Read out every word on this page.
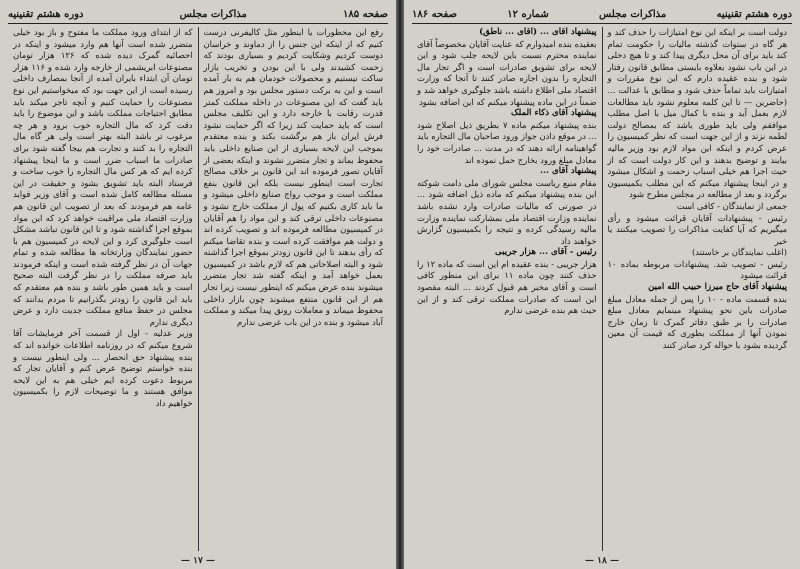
صفحه ۱۸۵
مذاکرات مجلس
دوره هشتم تقنینیه

رفع این محظورات یا اینطور مثل کالیفرنی درست کنیم که از اینکه این جنس را از دماوند و خراسان دوست کردیم وشکایت کردیم و بسیاری بودند که زحمت کشیدند ولی با این بودن و تخریب بازار ساکت نیستیم و محصولات خودمان هم به بار آمده است و این به برکت دستور مجلس بود و امروز هم باید گفت که این مصنوعات در داخله مملکت کمتر قدرت رقابت با خارجه دارد و این تکلیف مجلس است که باید حمایت کند زیرا که اگر حمایت نشود فرش ایران باز هم برگشت بکند و بنده معتقدم بموجب این لایحه بسیاری از این صنایع داخلی باید محفوظ بماند و تجار متضرر نشوند و اینکه بعضی از آقایان تصور فرموده اند این قانون بر خلاف مصالح تجارت است اینطور نیست بلکه این قانون بنفع مملکت است و موجب رواج صنایع داخلی میشود و ما باید کاری بکنیم که پول از مملکت خارج نشود و مصنوعات داخلی ترقی کند و این مواد را هم آقایان در کمیسیون مطالعه فرموده اند و تصویب کرده اند و دولت هم موافقت کرده است و بنده تقاضا میکنم که رأی بدهند تا این قانون زودتر بموقع اجرا گذاشته شود و البته اصلاحاتی هم که لازم باشد در کمیسیون بعمل خواهد آمد و اینکه گفته شد تجار متضرر میشوند بنده عرض میکنم که اینطور نیست زیرا تجار هم از این قانون منتفع میشوند چون بازار داخلی محفوظ میماند و معاملات رونق پیدا میکند و مملکت آباد میشود و بنده در این باب عرضی ندارم

که از ابتدای ورود مملکت ما مفتوح و باز بود خیلی متضرر شده است آنها هم وارد میشود و اینکه در احصائیه گمرک دیده شده که ۱۲۶ هزار تومان مصنوعات ابریشمی از خارجه وارد شده و ۱۱۶ هزار تومان آن ابتداء بایران آمده از آنجا بمصارف داخلی رسیده است از این جهت بود که میخواستیم این نوع مصنوعات را حمایت کنیم و آنچه تاجر میکند باید مطابق احتیاجات مملکت باشد و این موضوع را باید دقت کرد که مال التجاره خوب برود و هر چه مرغوب تر باشد البته بهتر است ولی هر گاه مال التجاره را بد کنند و تجارت هم بیجا گفته شود برای صادرات ما اسباب ضرر است و ما اینجا پیشنهاد کرده ایم که هر کس مال التجاره را خوب ساخت و فرستاد البته باید تشویق بشود و حقیقت در این مسئله مطالعه کامل شده است و آقای وزیر فواید عامه هم فرمودند که بعد از تصویب این قانون هم وزارت اقتصاد ملی مراقبت خواهد کرد که این مواد بموقع اجرا گذاشته شود و تا این قانون نباشد مشکل است جلوگیری کرد و این لایحه در کمیسیون هم با حضور نمایندگان وزارتخانه ها مطالعه شده و تمام جهات آن در نظر گرفته شده است و اینکه فرمودند باید صرفه مملکت را در نظر گرفت البته صحیح است و باید همین طور باشد و بنده هم معتقدم که باید این قانون را زودتر بگذرانیم تا مردم بدانند که مجلس در حفظ منافع مملکت جدیت دارد و عرض دیگری ندارم

وزیر عدلیه - اول از قسمت آخر فرمایشات آقا شروع میکنم که در روزنامه اطلاعات خوانده اند که بنده پیشنهاد حق انحصار ... ولی اینطور نیست و بنده خواستم توضیح عرض کنم و آقایان تجار که مربوط دعوت کرده ایم خیلی هم به این لایحه موافق هستند و ما توضیحات لازم را بکمیسیون خواهیم داد

— ۱۷ —
دوره هشتم تقنینیه
مذاکرات مجلس
شماره ۱۲
صفحه ۱۸۶

دولت است بر اینکه این نوع امتیازات را حذف کند و هر گاه در سنوات گذشته مالیات را حکومت تمام کند باید برای آن محل دیگری پیدا کند و تا هیچ دخلی در این باب نشود بعلاوه بایستی مطابق قانون رفتار شود و بنده عقیده دارم که این نوع مقررات و امتیازات باید تماماً حذف شود و مطابق با عدالت ... (حاضرین — تا این کلمه معلوم نشود باید مطالعات لازم بعمل آید و بنده با کمال میل با اصل مطلب موافقم ولی باید طوری باشد که بمصالح دولت لطمه نزند و از این جهت است که نظر کمیسیون را عرض کردم و اینکه این مواد لازم بود وزیر مالیه بیایند و توضیح بدهند و این کار دولت است که از حیث اجرا هم خیلی اسباب زحمت و اشکال میشود و در اینجا پیشنهاد میکنم که این مطلب بکمیسیون برگردد و بعد از مطالعه در مجلس مطرح شود

جمعی از نمایندگان - کافی است

رئیس - پیشنهادات آقایان قرائت میشود و رأی میگیریم که آیا کفایت مذاکرات را تصویب میکنند یا خیر

(اغلب نمایندگان بر خاستند)

رئیس - تصویب شد. پیشنهادات مربوطه بماده ۱۰ قرائت میشود

پیشنهاد آقای حاج میرزا حبیب الله امین

بنده قسمت ماده - ۱۰ را پس از جمله معادل مبلغ صادرات باین نحو پیشنهاد مینمایم معادل مبلغ صادرات را بر طبق دفاتر گمرک تا زمان خارج نمودن آنها از مملکت بطوری که قیمت آن معین گردیده بشود با حواله کرد صادر کنند

پیشنهاد آقای ... (آقای ... ناطق)

بعقیده بنده امیدوارم که عنایت آقایان مخصوصاً آقای نماینده محترم نسبت باین لایحه جلب شود و این لایحه برای تشویق صادرات است و اگر تجار مال التجاره را بدون اجازه صادر کنند تا آنجا که وزارت اقتصاد ملی اطلاع داشته باشد جلوگیری خواهد شد و ضمناً در این ماده پیشنهاد میکنم که این اضافه بشود

پیشنهاد آقای ذکاء الملک

بنده پیشنهاد میکنم ماده ۷ بطریق ذیل اصلاح شود ... در موقع دادن جواز ورود صاحبان مال التجاره باید گواهینامه ارائه دهند که در مدت ... صادرات خود را معادل مبلغ ورود بخارج حمل نموده اند

پیشنهاد آقای ...

مقام منیع ریاست مجلس شورای ملی دامت شوکته این بنده پیشنهاد میکنم که ماده ذیل اضافه شود ... در صورتی که مالیات صادرات وارد نشده باشد نماینده وزارت اقتصاد ملی بمشارکت نماینده وزارت مالیه رسیدگی کرده و نتیجه را بکمیسیون گزارش خواهند داد

رئیس - آقای ... هزار جریبی

هزار جریبی - بنده عقیده ام این است که ماده ۱۲ را حذف کنند چون ماده ۱۱ برای این منظور کافی است و آقای مخبر هم قبول کردند ... البته مقصود این است که صادرات مملکت ترقی کند و از این حیث هم بنده عرضی ندارم

— ۱۸ —
